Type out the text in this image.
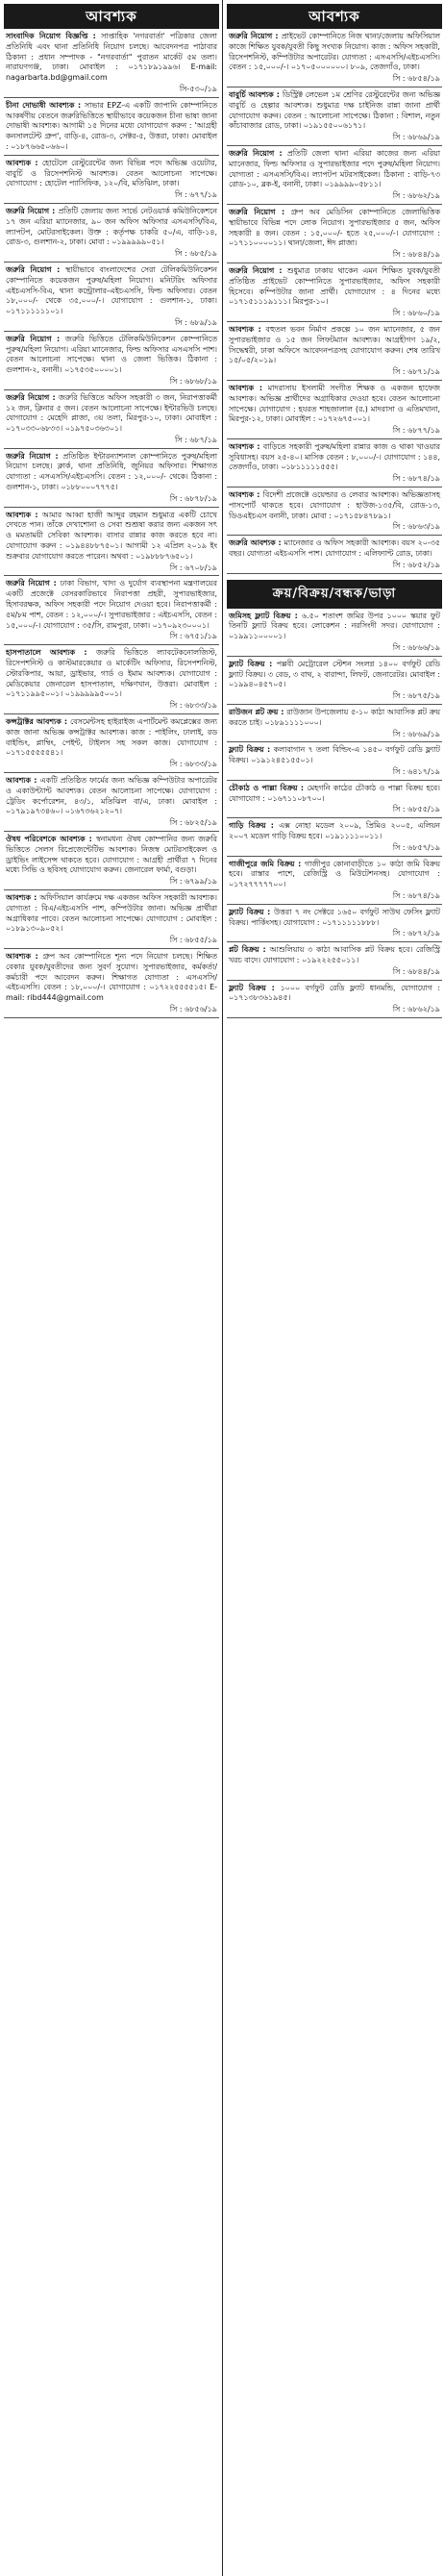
আবশ্যক
সাংবাদিক নিয়োগ বিজ্ঞপ্তি : সাপ্তাহিক 'নগরবার্তা' পত্রিকার জেলা প্রতিনিধি এবং থানা প্রতিনিধি নিয়োগ চলছে। আবেদনপত্র পাঠাবার ঠিকানা : প্রধান সম্পাদক - "নগরবার্তা" পুরাতন মার্কেট ৫ম তলা। নারায়ণগঞ্জ, ঢাকা। মোবাইল : ০১৭১৮৯১৯৯৬। E-mail: nagarbarta.bd@gmail.com
সি-৫৩০/১৯
চীনা দোভাষী আবশ্যক : সাভার EPZ-এ একটি জাপানি কোম্পানিতে আকর্ষণীয় বেতনে জরুরিভিত্তিতে স্থায়ীভাবে কয়েকজন চীনা ভাষা জানা দোভাষী আবশ্যক। আগামী ১৫ দিনের মধ্যে যোগাযোগ করুন : 'আগ্রহী কনসালটেন্ট গ্রুপ', বাড়ি-৪, রোড-৩, সেক্টর-৫, উত্তরা, ঢাকা। মোবাইল : ০১৮৭৬৬৫০৬৬০।
আবশ্যক : হোটেলে রেস্টুরেন্টের জন্য বিভিন্ন পদে অভিজ্ঞ ওয়েটার, বাবুর্চি ও রিসেপশনিস্ট আবশ্যক। বেতন আলোচনা সাপেক্ষে। যোগাযোগ : হোটেল প্যাসিফিক, ১২০/বি, মতিঝিল, ঢাকা।
সি : ৬৭৭/১৯
জরুরি নিয়োগ : প্রতিটি জেলায় জন্য সার্ভে নেটওয়ার্ক কমিউনিকেশনে ১৭ জন এরিয়া ম্যানেজার, ৯০ জন অফিস অফিসার এসএসসি/বিএ, ল্যাপটপ, মোটরসাইকেল। উক্ত : কর্তৃপক্ষ চাকরি ৫০/এ, বাড়ি-১৪, রোড-৩, গুলশান-২, ঢাকা। মোবা : ০১৯৯৯৯৯০৫১।
সি : ৬৮৫/১৯
জরুরি নিয়োগ : স্থায়ীভাবে বাংলাদেশের সেরা টেলিকমিউনিকেশন কোম্পানিতে কয়েকজন পুরুষ/মহিলা নিয়োগ। মনিটরিং অফিসার এইচএসসি-বিএ, থানা কন্ট্রোলার-এইচএসসি, ফিল্ড অফিসার। বেতন ১৮,০০০/- থেকে ৩৫,০০০/-। যোগাযোগ : গুলশান-১, ঢাকা। ০১৭১১১১১১০১।
সি : ৬৮৯/১৯
জরুরি নিয়োগ : জরুরি ভিত্তিতে টেলিকমিউনিকেশন কোম্পানিতে পুরুষ/মহিলা নিয়োগ। এরিয়া ম্যানেজার, ফিল্ড অফিসার এসএসসি পাশ। বেতন আলোচনা সাপেক্ষে। থানা ও জেলা ভিত্তিক। ঠিকানা : গুলশান-২, বনানী। ০১৭৫৩৫০০০০১।
সি : ৬৮৬৮/১৯
জরুরি নিয়োগ : জরুরি ভিত্তিতে অফিস সহকারী ৩ জন, নিরাপত্তাকর্মী ১২ জন, ক্লিনার ৫ জন। বেতন আলোচনা সাপেক্ষে। ইন্টারভিউ চলছে। যোগাযোগ : মেহেদি প্লাজা, ৩য় তলা, মিরপুর-১০, ঢাকা। মোবাইল : ০১৭০৩৩০৬৮৩৩। ০১৯৭৫০৩৬৩০১।
সি : ৬৮৭/১৯
জরুরি নিয়োগ : প্রতিষ্ঠিত ইন্টারন্যাশনাল কোম্পানিতে পুরুষ/মহিলা নিয়োগ চলছে। ক্লার্ক, থানা প্রতিনিধি, জুনিয়র অফিসার। শিক্ষাগত যোগ্যতা : এসএসসি/এইচএসসি। বেতন : ১২,০০০/- থেকে। ঠিকানা : গুলশান-১, ঢাকা। ০১৮৮০০০৭৭৭৫।
সি : ৬৮৭৮/১৯
আবশ্যক : আমার আব্বা হাজী আব্দুর রহমান শুধুমাত্র একটি চোখে দেখতে পান। তাঁকে দেখাশোনা ও সেবা শুশ্রূষা করার জন্য একজন সৎ ও মমতাময়ী সেবিকা আবশ্যক। বাসার রান্নার কাজ করতে হবে না। যোগাযোগ করুন : ০১৯৪৪৮৮৭৫০১। আগামী ১২ এপ্রিল ২০১৯ ইং শুক্রবার যোগাযোগ করতে পারেন। অথবা : ০১৯৮৮৮৭৬৫০১।
সি : ৬৭০৮/১৯
জরুরি নিয়োগ : ঢাকা বিভাগ, খাদ্য ও দুর্যোগ ব্যবস্থাপনা মন্ত্রণালয়ের একটি প্রজেক্টে বেসরকারিভাবে নিরাপত্তা প্রহরী, সুপারভাইজার, হিসাবরক্ষক, অফিস সহকারী পদে নিয়োগ দেওয়া হবে। নিরাপত্তাকর্মী : ৫ম/৮ম পাশ, বেতন : ১২,০০০/-। সুপারভাইজার : এইচএসসি, বেতন : ১৫,০০০/-। যোগাযোগ : ৩৫/সি, রামপুরা, ঢাকা। ০১৭০৯২৩০০০১।
সি : ৬৭৫১/১৯
হাসপাতালে আবশ্যক : জরুরি ভিত্তিতে ল্যাবটেকনোলজিস্ট, রিসেপশনিস্ট ও কাস্টমারকেয়ার ও মার্কেটিং অফিসার, রিসেপশনিস্ট, স্টোরকিপার, আয়া, ড্রাইভার, গার্ড ও ইমাম আবশ্যক। যোগাযোগ : মেডিকেয়ার জেনারেল হাসপাতাল, দক্ষিণখান, উত্তরা। মোবাইল : ০১৭১১৯৯৫০০১। ০১৯৯৯৯৯৫০০১।
সি : ৬৮৩৩/১৯
কন্সট্রাক্টর আবশ্যক : বেসমেন্টসহ হাইরাইজ এপার্টমেন্ট কমপ্লেক্সের জন্য কাজ জানা অভিজ্ঞ কন্সট্রাক্টর আবশ্যক। কাজ : পাইলিং, ঢালাই, রড বাইন্ডিং, প্লাম্বিং, পেইন্ট, টাইলস সহ সকল কাজ। যোগাযোগ : ০১৭১৫৫৫৫৫৪১।
সি : ৬৮৩৩/১৯
আবশ্যক : একটি প্রতিষ্ঠিত ফার্মের জন্য অভিজ্ঞ কম্পিউটার অপারেটর ও একাউন্ট্যান্ট আবশ্যক। বেতন আলোচনা সাপেক্ষে। যোগাযোগ : ট্রেডিং কর্পোরেশন, ৪৩/১, মতিঝিল বা/এ, ঢাকা। মোবাইল : ০১৭৯১৯৭৩৪৬০। ০১৬৭৩৬২১২০৭।
সি : ৬৮২৫/১৯
ঔষধ পরিবেশকে আবশ্যক : স্বনামধন্য ঔষধ কোম্পানির জন্য জরুরি ভিত্তিতে সেলস রিপ্রেজেন্টেটিভ আবশ্যক। নিজস্ব মোটরসাইকেল ও ড্রাইভিং লাইসেন্স থাকতে হবে। যোগাযোগ : আগ্রহী প্রার্থীরা ৭ দিনের মধ্যে সিভি ও ছবিসহ যোগাযোগ করুন। জেনারেল ফার্মা, বগুড়া।
সি : ৬৭৯৯/১৯
আবশ্যক : অফিসিয়াল কার্যক্রমে দক্ষ একজন অফিস সহকারী আবশ্যক। যোগ্যতা : বিএ/এইচএসসি পাশ, কম্পিউটার জানা। অভিজ্ঞ প্রার্থীরা অগ্রাধিকার পাবে। বেতন আলোচনা সাপেক্ষে। যোগাযোগ : মোবাইল : ০১৮৯১৩০৯০৫২।
সি : ৬৮৫৫/১৯
আবশ্যক : গ্রুপ অব কোম্পানিতে শূন্য পদে নিয়োগ চলছে। শিক্ষিত বেকার যুবক/যুবতীদের জন্য সুবর্ণ সুযোগ। সুপারভাইজার, কর্মকর্তা/কর্মচারী পদে আবেদন করুন। শিক্ষাগত যোগ্যতা : এসএসসি/এইচএসসি। বেতন : ১৮,০০০/-। যোগাযোগ : ০১৭২২৫৫৫৫১৫। E-mail: ribd444@gmail.com
সি : ৬৮৫৬/১৯
আবশ্যক
জরুরি নিয়োগ : প্রাইভেট কোম্পানিতে নিজ থানা/জেলায় অফিসিয়াল কাজে শিক্ষিত যুবক/যুবতী কিছু সংখ্যক নিয়োগ। কাজ : অফিস সহকারী, রিসেপশনিস্ট, কম্পিউটার অপারেটর। যোগ্যতা : এসএসসি/এইচএসসি। বেতন : ১৫,০০০/-। ০১৭০৫০০০০০০। ৮০৯, তেজগাঁও, ঢাকা।
সি : ৬৮৫৪/১৯
বাবুর্চি আবশ্যক : ডিস্ট্রিক্ট লেভেল ১ম শ্রেণির রেস্টুরেন্টের জন্য অভিজ্ঞ বাবুর্চি ও হেল্পার আবশ্যক। শুধুমাত্র দক্ষ চাইনিজ রান্না জানা প্রার্থী যোগাযোগ করুন। বেতন : আলোচনা সাপেক্ষে। ঠিকানা : বিশাল, নতুন কাঁচাবাজার রোড, ঢাকা। ০১৯১৫৫০০৬১৭১।
সি : ৬৮৬৯/১৯
জরুরি নিয়োগ : প্রতিটি জেলা থানা এরিয়া কাজের জন্য এরিয়া ম্যানেজার, ফিল্ড অফিসার ও সুপারভাইজার পদে পুরুষ/মহিলা নিয়োগ। যোগ্যতা : এসএসসি/বিএ। ল্যাপটপ মটরসাইকেল। ঠিকানা : বাড়ি-৭৩ রোড-১০, ব্লক-ই, বনানী, ঢাকা। ০১৯৯৯৯০৫৮১১।
সি : ৬৮৬২/১৯
জরুরি নিয়োগ : গ্রুপ অব মেডিসিন কোম্পানিতে জেলাভিত্তিক স্থায়ীভাবে বিভিন্ন পদে লোক নিয়োগ। সুপারভাইজার ৫ জন, অফিস সহকারী ৪ জন। বেতন : ১৫,০০০/- হতে ২৫,০০০/-। যোগাযোগ : ০১৭১১০০০০১১। থানা/জেলা, ঈদ প্লাজা।
সি : ৬৮৪৪/১৯
জরুরি নিয়োগ : শুধুমাত্র ঢাকায় থাকেন এমন শিক্ষিত যুবক/যুবতী প্রতিষ্ঠিত প্রাইভেট কোম্পানিতে সুপারভাইজার, অফিস সহকারী হিসেবে। কম্পিউটার জানা প্রার্থী। যোগাযোগ : ৪ দিনের মধ্যে ০১৭১৫১১১৯১১১। মিরপুর-১০।
সি : ৬৮৬০/১৯
আবশ্যক : বহুতল ভবন নির্মাণ প্রকল্পে ১০ জন ম্যানেজার, ৫ জন সুপারভাইজার ও ১৫ জন লিফটম্যান আবশ্যক। আগ্রহীগণ ১৯/২, সিদ্ধেশ্বরী, ঢাকা অফিসে আবেদনপত্রসহ যোগাযোগ করুন। শেষ তারিখ ১৫/০৫/২০১৯।
সি : ৬৮৭১/১৯
আবশ্যক : মাদরাসায় ইসলামী সংগীত শিক্ষক ও একজন হাফেজ আবশ্যক। অভিজ্ঞ প্রার্থীদের অগ্রাধিকার দেওয়া হবে। বেতন আলোচনা সাপেক্ষে। যোগাযোগ : হযরত শাহজালাল (র.) মাদরাসা ও এতিমখানা, মিরপুর-১২, ঢাকা। মোবাইল : ০১৭২৬৭৫০০১।
সি : ৬৮৭৭/১৯
আবশ্যক : বাড়িতে সহকারী পুরুষ/মহিলা রান্নার কাজ ও থাকা খাওয়ার সুবিধাসহ। বয়স ২৫-৪০। মাসিক বেতন : ৮,০০০/-। যোগাযোগ : ১৪৪, তেজগাঁও, ঢাকা। ০১৮১১১১১৫৫৫।
সি : ৬৮৭৪/১৯
আবশ্যক : বিদেশী প্রজেক্টে ওয়েল্ডার ও লেবার আবশ্যক। অভিজ্ঞতাসহ পাসপোর্ট থাকতে হবে। যোগাযোগ : হাউজ-১৩৫/বি, রোড-১৩, ডিওএইচএস বনানী, ঢাকা। মোবা : ০১৭১৫৮৪৭৮৯১।
সি : ৬৮৬৩/১৯
জরুরি আবশ্যক : ম্যানেজার ও অফিস সহকারী আবশ্যক। বয়স ২০-৩৫ বছর। যোগ্যতা এইচএসসি পাশ। যোগাযোগ : এলিফ্যান্ট রোড, ঢাকা।
সি : ৬৮৫২/১৯
ক্রয়/বিক্রয়/বন্ধক/ভাড়া
জমিসহ ফ্ল্যাট বিক্রয় : ৬.৫০ শতাংশ জমির উপর ১০০০ স্কয়ার ফুট তিনটি ফ্ল্যাট বিক্রয় হবে। লোকেশন : নরসিংদী সদর। যোগাযোগ : ০১৯৯১১০০০০১।
সি : ৬৮৬৬/১৯
ফ্ল্যাট বিক্রয় : পল্লবী মেট্রোরেল স্টেশন সংলগ্ন ১৪০০ বর্গফুট রেডি ফ্ল্যাট বিক্রয়। ৩ বেড, ৩ বাথ, ২ বারান্দা, লিফট, জেনারেটর। মোবাইল : ০১৯৯৪০৪৫৭০৫।
সি : ৬৮৭৫/১৯
রাউজন প্লট ক্রয় : রাউজান উপজেলায় ৫-১০ কাঠা আবাসিক প্লট ক্রয় করতে চাই। ০১৮৯১১১১০০০।
সি : ৬৮৬৯/১৯
ফ্ল্যাট বিক্রয় : কলাবাগান ৭ তলা বিল্ডিং-এ ১৪৫০ বর্গফুট রেডি ফ্ল্যাট বিক্রয়। ০১৯১২৪৫১৫৫০১।
সি : ৬৪১৭/১৯
চৌকাঠ ও পাল্লা বিক্রয় : মেহগনি কাঠের চৌকাঠ ও পাল্লা বিক্রয় হবে। যোগাযোগ : ০১৬৭১১০৮৭০০।
সি : ৬৮৫৫/১৯
গাড়ি বিক্রয় : এক্স নোহা মডেল ২০০৯, প্রিমিও ২০০৫, এলিয়ন ২০০৭ মডেল গাড়ি বিক্রয় হবে। ০১৯১১১১০০১১।
সি : ৬৮৫৭/১৯
গাজীপুরে জমি বিক্রয় : গাজীপুর কোনাবাড়ীতে ১০ কাঠা জমি বিক্রয় হবে। রাস্তার পাশে, রেজিস্ট্রি ও মিউটেশনসহ। যোগাযোগ : ০১৭২৭৭৭৭৭০০।
সি : ৬৮৭৪/১৯
ফ্ল্যাট বিক্রয় : উত্তরা ৭ নং সেক্টরে ১৬৫০ বর্গফুট সাউথ ফেসিং ফ্ল্যাট বিক্রয়। পার্কিংসহ। যোগাযোগ : ০১৭১১১১১৮৮৮।
সি : ৬৮৭২/১৯
প্লট বিক্রয় : আশুলিয়ায় ৩ কাঠা আবাসিক প্লট বিক্রয় হবে। রেজিস্ট্রি খরচ বাদে। যোগাযোগ : ০১৯২২২৫৫০১১।
সি : ৬৮৪৪/১৯
ফ্ল্যাট বিক্রয় : ১০০০ বর্গফুট রেডি ফ্ল্যাট ধানমন্ডি, যোগাযোগ : ০১৭১৩৮৩৬১৯৪৫।
সি : ৬৮৬২/১৯
